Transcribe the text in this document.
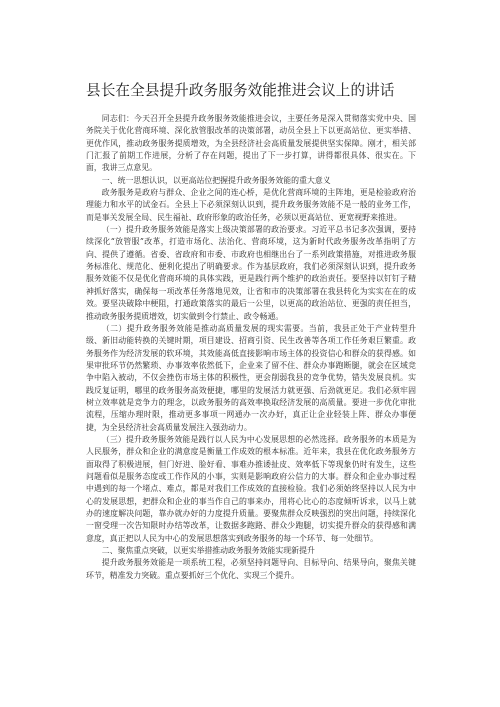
县长在全县提升政务服务效能推进会议上的讲话

同志们：今天召开全县提升政务服务效能推进会议，主要任务是深入贯彻落实党中央、国务院关于优化营商环境、深化放管服改革的决策部署，动员全县上下以更高站位、更实举措、更优作风，推动政务服务提质增效，为全县经济社会高质量发展提供坚实保障。刚才，相关部门汇报了前期工作进展，分析了存在问题，提出了下一步打算，讲得都很具体、很实在。下面，我讲三点意见。

一、统一思想认识，以更高站位把握提升政务服务效能的重大意义

政务服务是政府与群众、企业之间的连心桥，是优化营商环境的主阵地，更是检验政府治理能力和水平的试金石。全县上下必须深刻认识到，提升政务服务效能不是一般的业务工作，而是事关发展全局、民生福祉、政府形象的政治任务，必须以更高站位、更宽视野来推进。

（一）提升政务服务效能是落实上级决策部署的政治要求。习近平总书记多次强调，要持续深化“放管服”改革，打造市场化、法治化、营商环境，这为新时代政务服务改革指明了方向、提供了遵循。省委、省政府和市委、市政府也相继出台了一系列政策措施，对推进政务服务标准化、规范化、便利化提出了明确要求。作为基层政府，我们必须深刻认识到，提升政务服务效能不仅是优化营商环境的具体实践，更是践行两个维护的政治责任。要坚持以钉钉子精神抓好落实，确保每一项改革任务落地见效，让省和市的决策部署在我县转化为实实在在的成效。要坚决破除中梗阻，打通政策落实的最后一公里，以更高的政治站位、更强的责任担当，推动政务服务提质增效，切实做到令行禁止、政令畅通。

（二）提升政务服务效能是推动高质量发展的现实需要。当前，我县正处于产业转型升级、新旧动能转换的关键时期，项目建设、招商引资、民生改善等各项工作任务艰巨繁重。政务服务作为经济发展的软环境，其效能高低直接影响市场主体的投资信心和群众的获得感。如果审批环节仍然繁琐、办事效率依然低下，企业来了留不住、群众办事跑断腿，就会在区域竞争中陷入被动，不仅会挫伤市场主体的积极性，更会削弱我县的竞争优势，错失发展良机。实践反复证明，哪里的政务服务高效便捷，哪里的发展活力就更强、后劲就更足。我们必须牢固树立效率就是竞争力的理念，以政务服务的高效率换取经济发展的高质量。要进一步优化审批流程，压缩办理时限，推动更多事项一网通办一次办好，真正让企业轻装上阵、群众办事便捷，为全县经济社会高质量发展注入强劲动力。

（三）提升政务服务效能是践行以人民为中心发展思想的必然选择。政务服务的本质是为人民服务，群众和企业的满意度是衡量工作成效的根本标准。近年来，我县在优化政务服务方面取得了积极进展，但门好进、脸好看、事难办推诿扯皮、效率低下等现象仍时有发生，这些问题看似是服务态度或工作作风的小事，实则是影响政府公信力的大事。群众和企业办事过程中遇到的每一个堵点、难点，都是对我们工作成效的直接检验。我们必须始终坚持以人民为中心的发展思想，把群众和企业的事当作自己的事来办，用将心比心的态度倾听诉求，以马上就办的速度解决问题，靠办就办好的力度提升质量。要聚焦群众反映强烈的突出问题，持续深化一窗受理一次告知限时办结等改革，让数据多跑路、群众少跑腿，切实提升群众的获得感和满意度，真正把以人民为中心的发展思想落实到政务服务的每一个环节、每一处细节。

二、聚焦重点突破，以更实举措推动政务服务效能实现新提升

提升政务服务效能是一项系统工程，必须坚持问题导向、目标导向、结果导向，聚焦关键环节，精准发力突破。重点要抓好三个优化、实现三个提升。
